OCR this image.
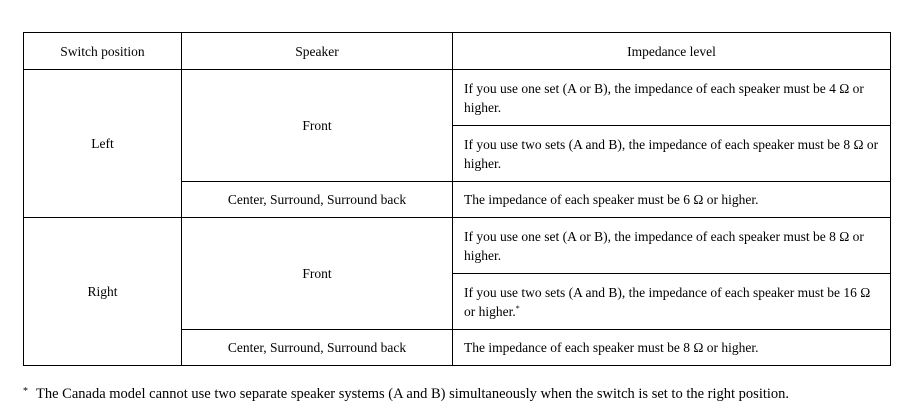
Switch position	Speaker	Impedance level
Left	Front	If you use one set (A or B), the impedance of each speaker must be 4 Ω or higher.
		If you use two sets (A and B), the impedance of each speaker must be 8 Ω or higher.
	Center, Surround, Surround back	The impedance of each speaker must be 6 Ω or higher.
Right	Front	If you use one set (A or B), the impedance of each speaker must be 8 Ω or higher.
		If you use two sets (A and B), the impedance of each speaker must be 16 Ω or higher.*
	Center, Surround, Surround back	The impedance of each speaker must be 8 Ω or higher.
* The Canada model cannot use two separate speaker systems (A and B) simultaneously when the switch is set to the right position.
